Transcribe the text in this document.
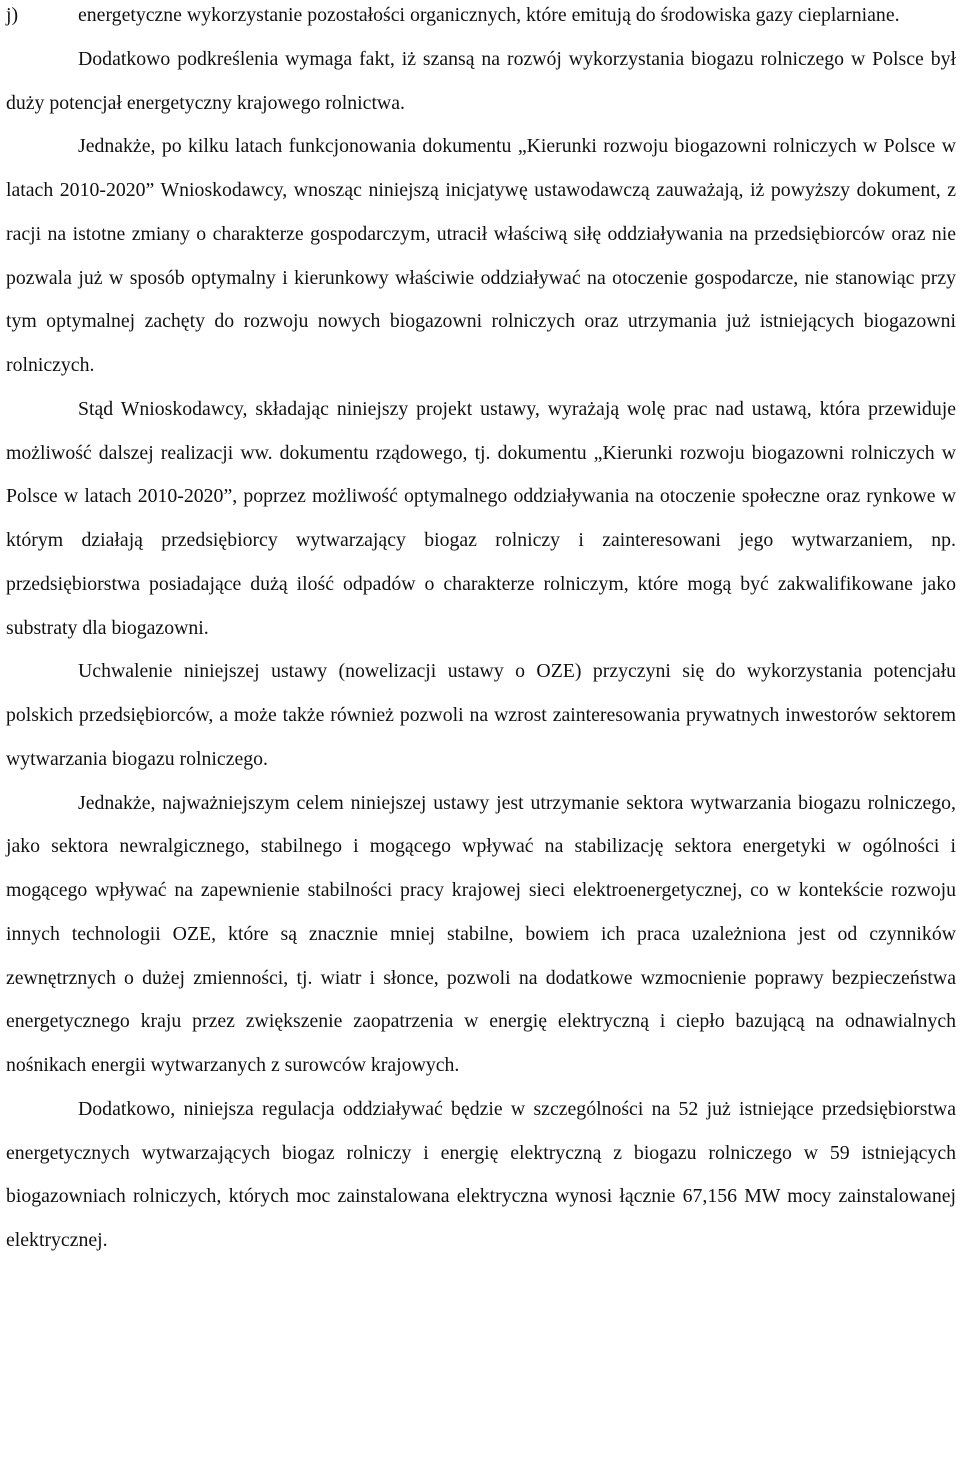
j)	energetyczne wykorzystanie pozostałości organicznych, które emitują do środowiska gazy cieplarniane.

Dodatkowo podkreślenia wymaga fakt, iż szansą na rozwój wykorzystania biogazu rolniczego w Polsce był duży potencjał energetyczny krajowego rolnictwa.

Jednakże, po kilku latach funkcjonowania dokumentu „Kierunki rozwoju biogazowni rolniczych w Polsce w latach 2010-2020” Wnioskodawcy, wnosząc niniejszą inicjatywę ustawodawczą zauważają, iż powyższy dokument, z racji na istotne zmiany o charakterze gospodarczym, utracił właściwą siłę oddziaływania na przedsiębiorców oraz nie pozwala już w sposób optymalny i kierunkowy właściwie oddziaływać na otoczenie gospodarcze, nie stanowiąc przy tym optymalnej zachęty do rozwoju nowych biogazowni rolniczych oraz utrzymania już istniejących biogazowni rolniczych.

Stąd Wnioskodawcy, składając niniejszy projekt ustawy, wyrażają wolę prac nad ustawą, która przewiduje możliwość dalszej realizacji ww. dokumentu rządowego, tj. dokumentu „Kierunki rozwoju biogazowni rolniczych w Polsce w latach 2010-2020”, poprzez możliwość optymalnego oddziaływania na otoczenie społeczne oraz rynkowe w którym działają przedsiębiorcy wytwarzający biogaz rolniczy i zainteresowani jego wytwarzaniem, np. przedsiębiorstwa posiadające dużą ilość odpadów o charakterze rolniczym, które mogą być zakwalifikowane jako substraty dla biogazowni.

Uchwalenie niniejszej ustawy (nowelizacji ustawy o OZE) przyczyni się do wykorzystania potencjału polskich przedsiębiorców, a może także również pozwoli na wzrost zainteresowania prywatnych inwestorów sektorem wytwarzania biogazu rolniczego.

Jednakże, najważniejszym celem niniejszej ustawy jest utrzymanie sektora wytwarzania biogazu rolniczego, jako sektora newralgicznego, stabilnego i mogącego wpływać na stabilizację sektora energetyki w ogólności i mogącego wpływać na zapewnienie stabilności pracy krajowej sieci elektroenergetycznej, co w kontekście rozwoju innych technologii OZE, które są znacznie mniej stabilne, bowiem ich praca uzależniona jest od czynników zewnętrznych o dużej zmienności, tj. wiatr i słonce, pozwoli na dodatkowe wzmocnienie poprawy bezpieczeństwa energetycznego kraju przez zwiększenie zaopatrzenia w energię elektryczną i ciepło bazującą na odnawialnych nośnikach energii wytwarzanych z surowców krajowych.

Dodatkowo, niniejsza regulacja oddziaływać będzie w szczególności na 52 już istniejące przedsiębiorstwa energetycznych wytwarzających biogaz rolniczy i energię elektryczną z biogazu rolniczego w 59 istniejących biogazowniach rolniczych, których moc zainstalowana elektryczna wynosi łącznie 67,156 MW mocy zainstalowanej elektrycznej.
